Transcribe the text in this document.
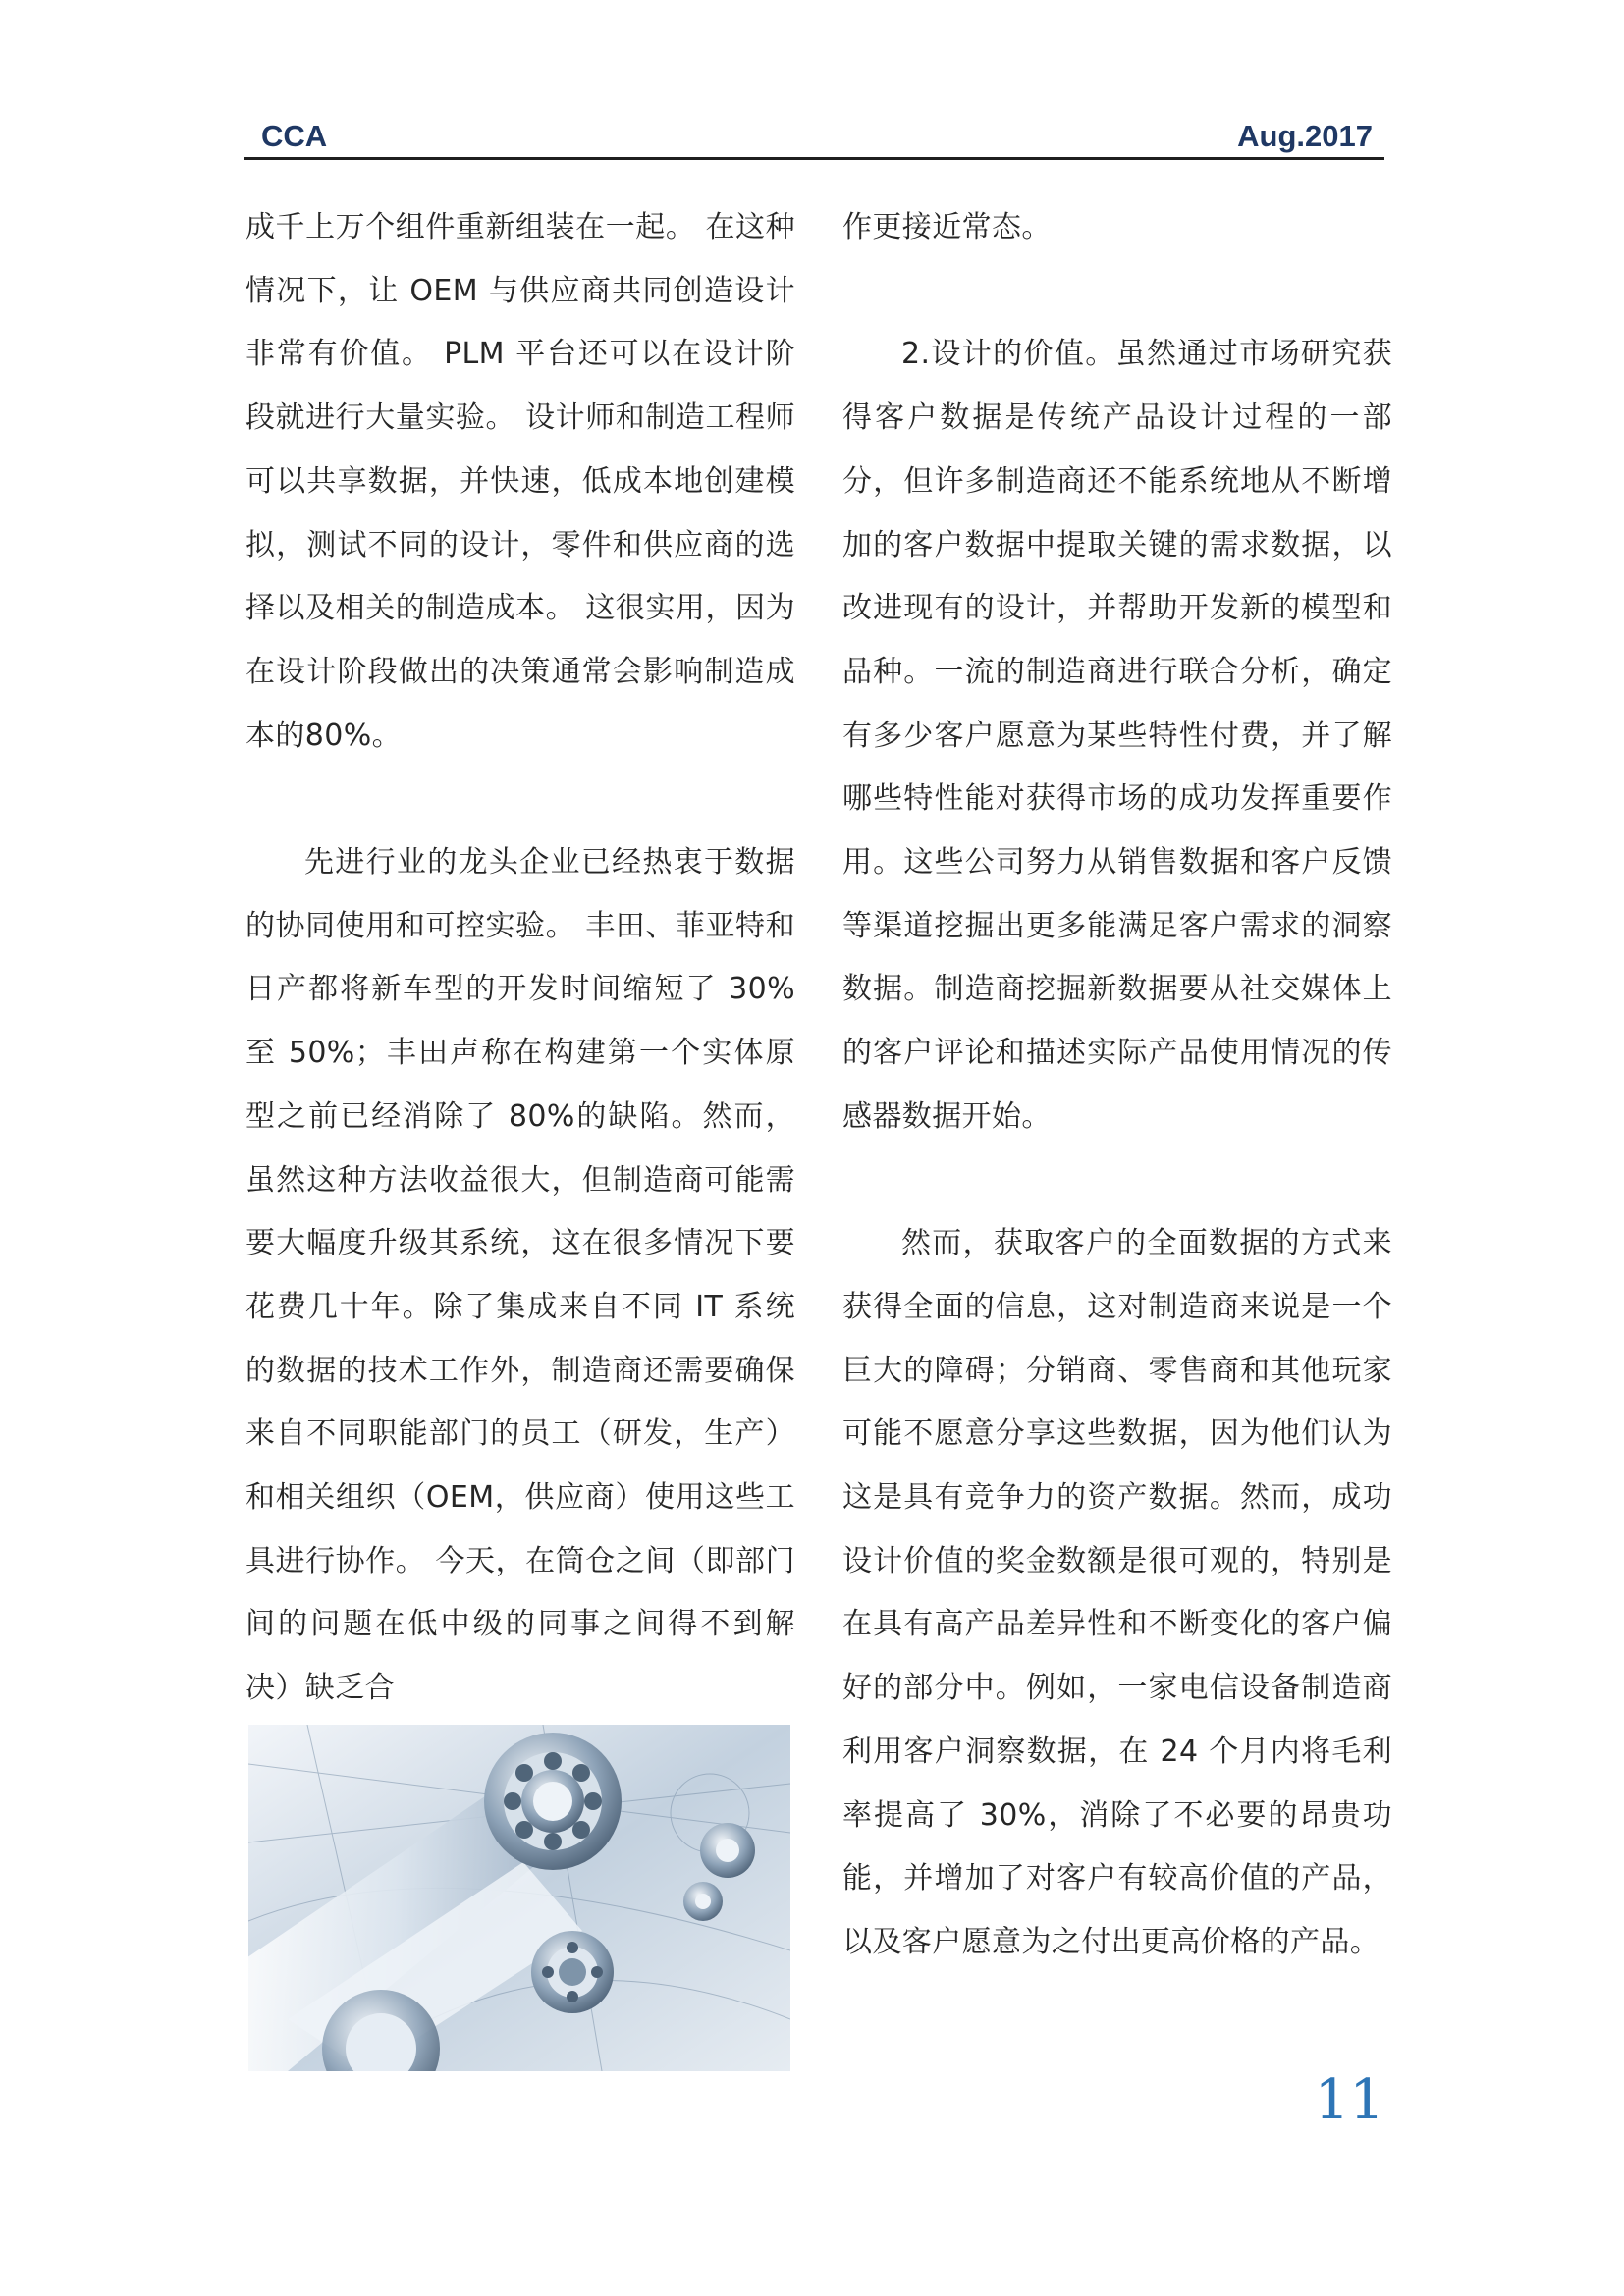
CCA	Aug.2017

成千上万个组件重新组装在一起。 在这种情况下，让 OEM 与供应商共同创造设计非常有价值。 PLM 平台还可以在设计阶段就进行大量实验。 设计师和制造工程师可以共享数据，并快速，低成本地创建模拟，测试不同的设计，零件和供应商的选择以及相关的制造成本。 这很实用，因为在设计阶段做出的决策通常会影响制造成本的80%。

先进行业的龙头企业已经热衷于数据的协同使用和可控实验。 丰田、菲亚特和日产都将新车型的开发时间缩短了 30%至 50%；丰田声称在构建第一个实体原型之前已经消除了 80%的缺陷。然而，虽然这种方法收益很大，但制造商可能需要大幅度升级其系统，这在很多情况下要花费几十年。除了集成来自不同 IT 系统的数据的技术工作外，制造商还需要确保来自不同职能部门的员工（研发，生产）和相关组织（OEM，供应商）使用这些工具进行协作。 今天，在筒仓之间（即部门间的问题在低中级的同事之间得不到解决）缺乏合

作更接近常态。

2.设计的价值。虽然通过市场研究获得客户数据是传统产品设计过程的一部分，但许多制造商还不能系统地从不断增加的客户数据中提取关键的需求数据，以改进现有的设计，并帮助开发新的模型和品种。一流的制造商进行联合分析，确定有多少客户愿意为某些特性付费，并了解哪些特性能对获得市场的成功发挥重要作用。这些公司努力从销售数据和客户反馈等渠道挖掘出更多能满足客户需求的洞察数据。制造商挖掘新数据要从社交媒体上的客户评论和描述实际产品使用情况的传感器数据开始。

然而，获取客户的全面数据的方式来获得全面的信息，这对制造商来说是一个巨大的障碍；分销商、零售商和其他玩家可能不愿意分享这些数据，因为他们认为这是具有竞争力的资产数据。然而，成功设计价值的奖金数额是很可观的，特别是在具有高产品差异性和不断变化的客户偏好的部分中。例如，一家电信设备制造商利用客户洞察数据，在 24 个月内将毛利率提高了 30%，消除了不必要的昂贵功能，并增加了对客户有较高价值的产品，以及客户愿意为之付出更高价格的产品。

11
